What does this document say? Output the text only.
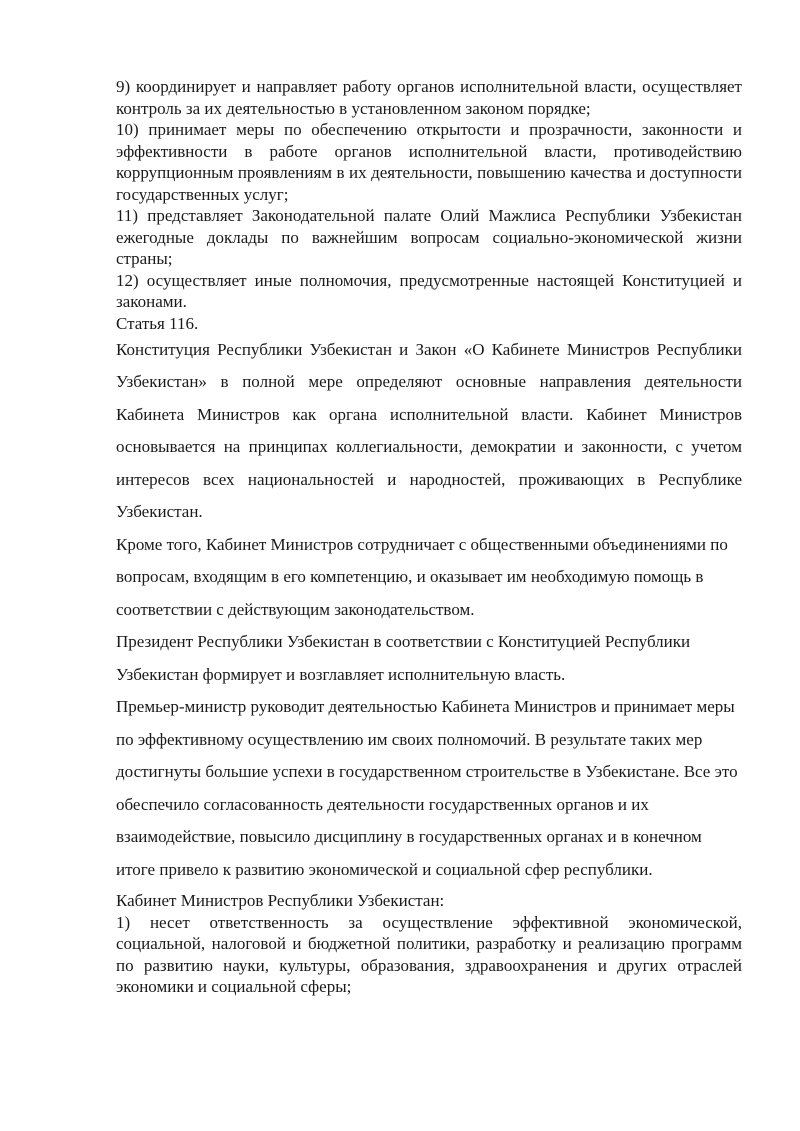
9) координирует и направляет работу органов исполнительной власти, осуществляет контроль за их деятельностью в установленном законом порядке;

10) принимает меры по обеспечению открытости и прозрачности, законности и эффективности в работе органов исполнительной власти, противодействию коррупционным проявлениям в их деятельности, повышению качества и доступности государственных услуг;

11) представляет Законодательной палате Олий Мажлиса Республики Узбекистан ежегодные доклады по важнейшим вопросам социально-экономической жизни страны;

12) осуществляет иные полномочия, предусмотренные настоящей Конституцией и законами.

Статья 116.

Конституция Республики Узбекистан и Закон «О Кабинете Министров Республики Узбекистан» в полной мере определяют основные направления деятельности Кабинета Министров как органа исполнительной власти. Кабинет Министров основывается на принципах коллегиальности, демократии и законности, с учетом интересов всех национальностей и народностей, проживающих в Республике Узбекистан.

Кроме того, Кабинет Министров сотрудничает с общественными объединениями по вопросам, входящим в его компетенцию, и оказывает им необходимую помощь в соответствии с действующим законодательством.

Президент Республики Узбекистан в соответствии с Конституцией Республики Узбекистан формирует и возглавляет исполнительную власть.

Премьер-министр руководит деятельностью Кабинета Министров и принимает меры по эффективному осуществлению им своих полномочий. В результате таких мер достигнуты большие успехи в государственном строительстве в Узбекистане. Все это обеспечило согласованность деятельности государственных органов и их взаимодействие, повысило дисциплину в государственных органах и в конечном итоге привело к развитию экономической и социальной сфер республики.

Кабинет Министров Республики Узбекистан:

1) несет ответственность за осуществление эффективной экономической, социальной, налоговой и бюджетной политики, разработку и реализацию программ по развитию науки, культуры, образования, здравоохранения и других отраслей экономики и социальной сферы;
